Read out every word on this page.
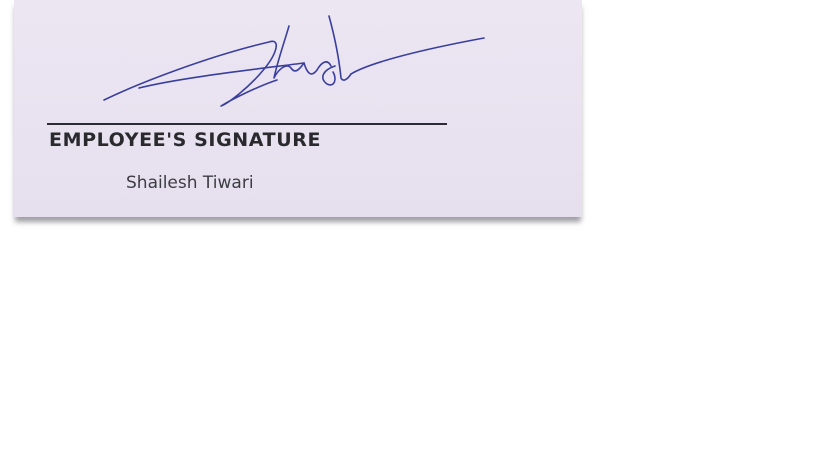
EMPLOYEE'S SIGNATURE
Shailesh Tiwari
